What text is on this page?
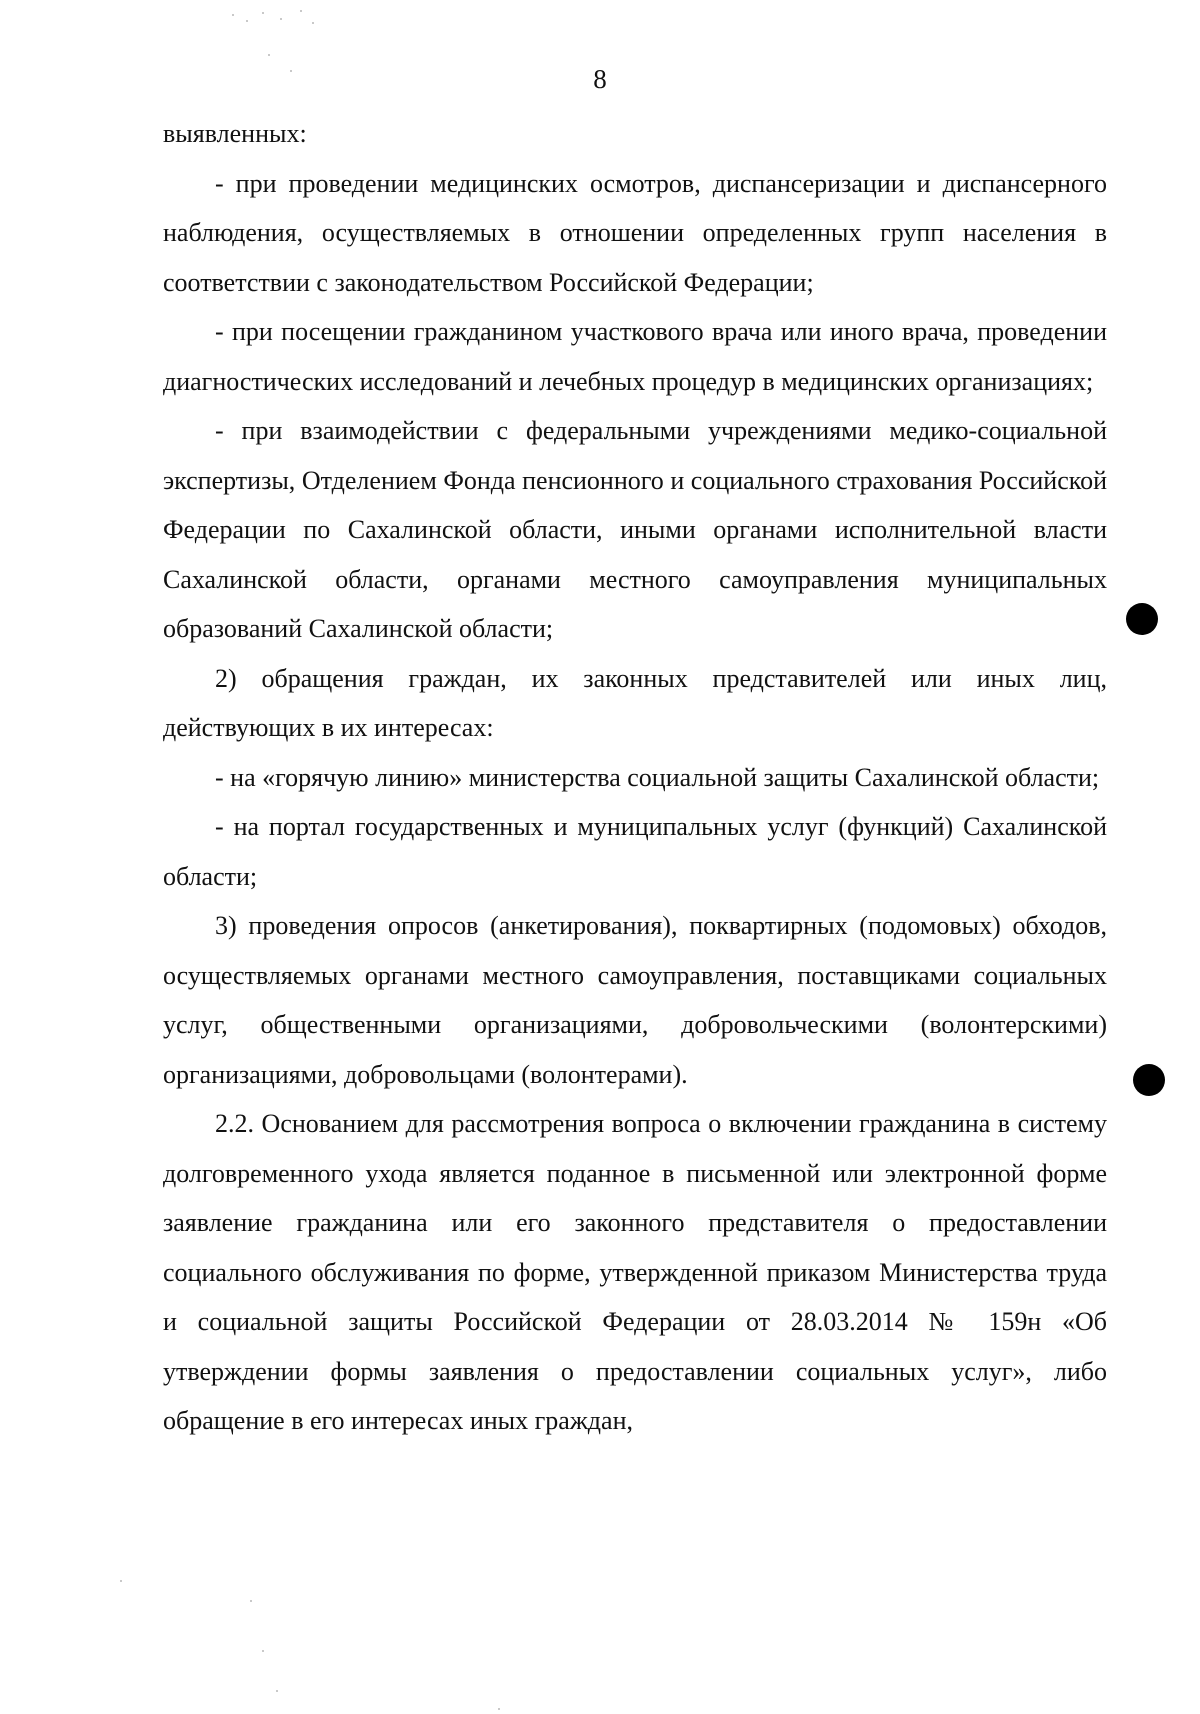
8

выявленных:

- при проведении медицинских осмотров, диспансеризации и диспансерного наблюдения, осуществляемых в отношении определенных групп населения в соответствии с законодательством Российской Федерации;

- при посещении гражданином участкового врача или иного врача, проведении диагностических исследований и лечебных процедур в медицинских организациях;

- при взаимодействии с федеральными учреждениями медико-социальной экспертизы, Отделением Фонда пенсионного и социального страхования Российской Федерации по Сахалинской области, иными органами исполнительной власти Сахалинской области, органами местного самоуправления муниципальных образований Сахалинской области;

2) обращения граждан, их законных представителей или иных лиц, действующих в их интересах:

- на «горячую линию» министерства социальной защиты Сахалинской области;

- на портал государственных и муниципальных услуг (функций) Сахалинской области;

3) проведения опросов (анкетирования), поквартирных (подомовых) обходов, осуществляемых органами местного самоуправления, поставщиками социальных услуг, общественными организациями, добровольческими (волонтерскими) организациями, добровольцами (волонтерами).

2.2. Основанием для рассмотрения вопроса о включении гражданина в систему долговременного ухода является поданное в письменной или электронной форме заявление гражданина или его законного представителя о предоставлении социального обслуживания по форме, утвержденной приказом Министерства труда и социальной защиты Российской Федерации от 28.03.2014 № 159н «Об утверждении формы заявления о предоставлении социальных услуг», либо обращение в его интересах иных граждан,
